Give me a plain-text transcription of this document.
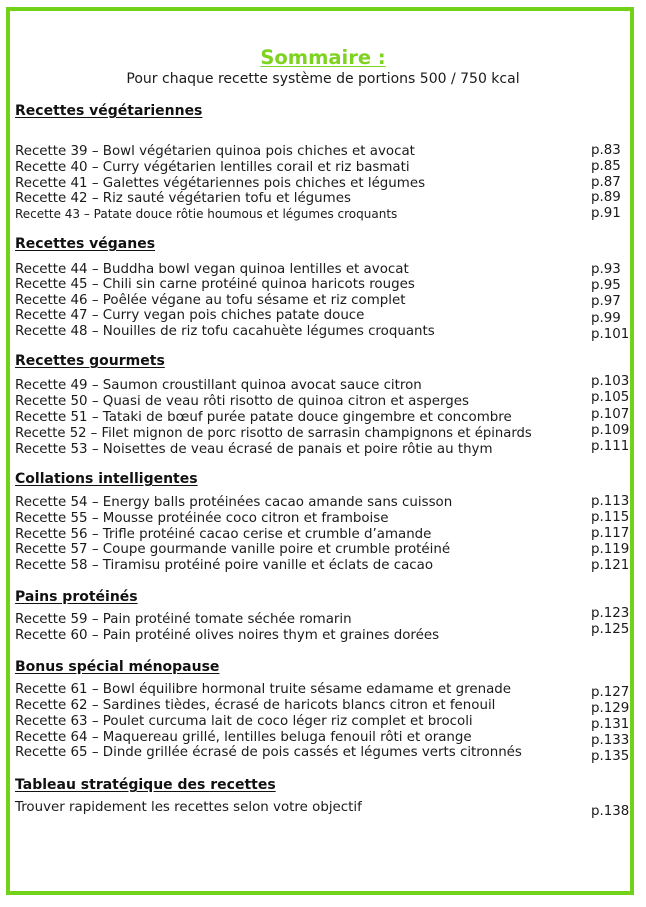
Sommaire :
Pour chaque recette système de portions 500 / 750 kcal
Recettes végétariennes
Recette 39 – Bowl végétarien quinoa pois chiches et avocat	p.83
Recette 40 – Curry végétarien lentilles corail et riz basmati	p.85
Recette 41 – Galettes végétariennes pois chiches et légumes	p.87
Recette 42 – Riz sauté végétarien tofu et légumes	p.89
Recette 43 – Patate douce rôtie houmous et légumes croquants	p.91
Recettes véganes
Recette 44 – Buddha bowl vegan quinoa lentilles et avocat	p.93
Recette 45 – Chili sin carne protéiné quinoa haricots rouges	p.95
Recette 46 – Poêlée végane au tofu sésame et riz complet	p.97
Recette 47 – Curry vegan pois chiches patate douce	p.99
Recette 48 – Nouilles de riz tofu cacahuète légumes croquants	p.101
Recettes gourmets
Recette 49 – Saumon croustillant quinoa avocat sauce citron	p.103
Recette 50 – Quasi de veau rôti risotto de quinoa citron et asperges	p.105
Recette 51 – Tataki de bœuf purée patate douce gingembre et concombre	p.107
Recette 52 – Filet mignon de porc risotto de sarrasin champignons et épinards	p.109
Recette 53 – Noisettes de veau écrasé de panais et poire rôtie au thym	p.111
Collations intelligentes
Recette 54 – Energy balls protéinées cacao amande sans cuisson	p.113
Recette 55 – Mousse protéinée coco citron et framboise	p.115
Recette 56 – Trifle protéiné cacao cerise et crumble d’amande	p.117
Recette 57 – Coupe gourmande vanille poire et crumble protéiné	p.119
Recette 58 – Tiramisu protéiné poire vanille et éclats de cacao	p.121
Pains protéinés
Recette 59 – Pain protéiné tomate séchée romarin	p.123
Recette 60 – Pain protéiné olives noires thym et graines dorées	p.125
Bonus spécial ménopause
Recette 61 – Bowl équilibre hormonal truite sésame edamame et grenade	p.127
Recette 62 – Sardines tièdes, écrasé de haricots blancs citron et fenouil	p.129
Recette 63 – Poulet curcuma lait de coco léger riz complet et brocoli	p.131
Recette 64 – Maquereau grillé, lentilles beluga fenouil rôti et orange	p.133
Recette 65 – Dinde grillée écrasé de pois cassés et légumes verts citronnés	p.135
Tableau stratégique des recettes
Trouver rapidement les recettes selon votre objectif	p.138
